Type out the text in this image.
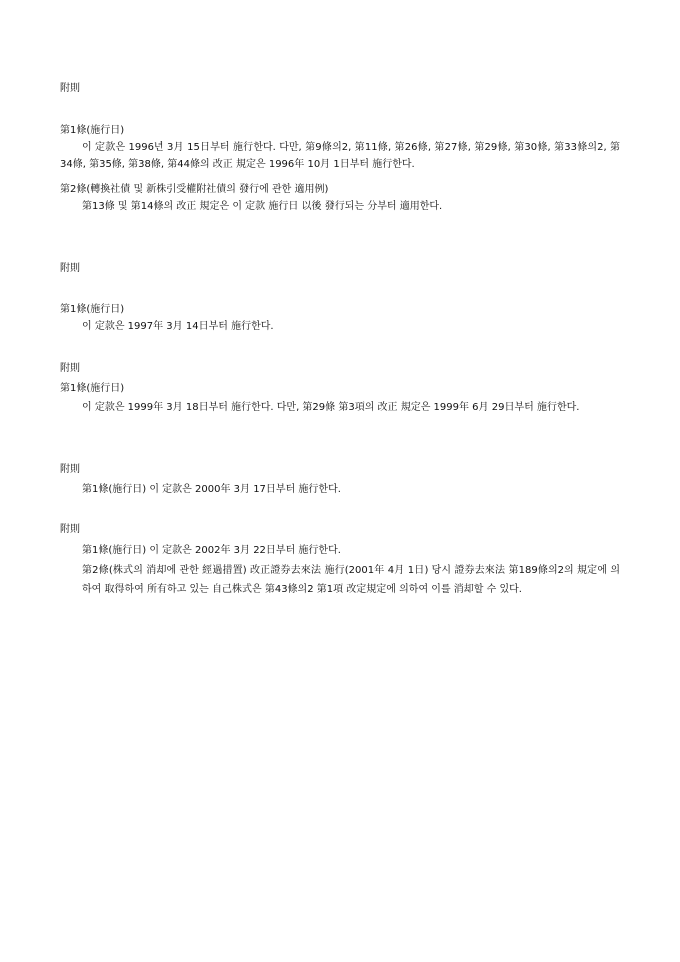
附則
第1條(施行日)
이 定款은 1996년 3月 15日부터 施行한다. 다만, 第9條의2, 第11條, 第26條, 第27條, 第29條, 第30條, 第33條의2, 第34條, 第35條, 第38條, 第44條의 改正 規定은 1996年 10月 1日부터 施行한다.
第2條(轉換社債 및 新株引受權附社債의 發行에 관한 適用例)
第13條 및 第14條의 改正 規定은 이 定款 施行日 以後 發行되는 分부터 適用한다.
附則
第1條(施行日)
이 定款은 1997年 3月 14日부터 施行한다.
附則
第1條(施行日)
이 定款은 1999年 3月 18日부터 施行한다. 다만, 第29條 第3項의 改正 規定은 1999年 6月 29日부터 施行한다.
附則
第1條(施行日) 이 定款은 2000年 3月 17日부터 施行한다.
附則
第1條(施行日) 이 定款은 2002年 3月 22日부터 施行한다.
第2條(株式의 消却에 관한 經過措置) 改正證券去來法 施行(2001年 4月 1日) 당시 證券去來法 第189條의2의 規定에 의하여 取得하여 所有하고 있는 自己株式은 第43條의2 第1項 改定規定에 의하여 이를 消却할 수 있다.
